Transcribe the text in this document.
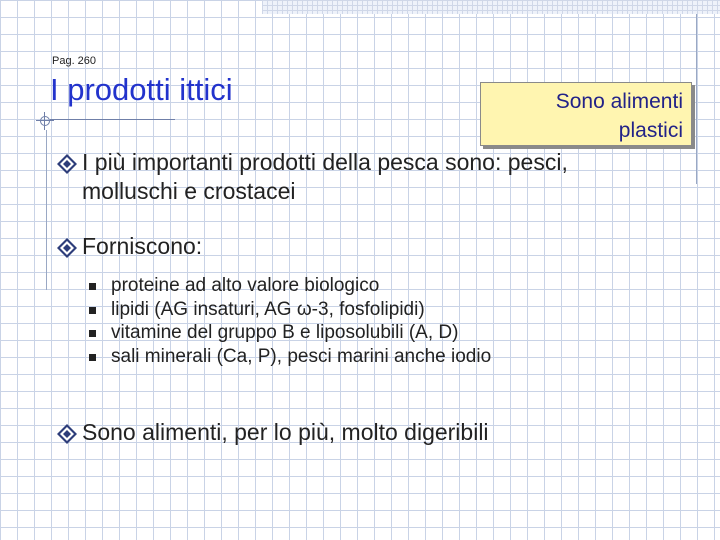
Pag. 260
I prodotti ittici	Sono alimenti plastici
I più importanti prodotti della pesca sono: pesci, molluschi e crostacei
Forniscono:
proteine ad alto valore biologico
lipidi (AG insaturi, AG ω-3, fosfolipidi)
vitamine del gruppo B e liposolubili (A, D)
sali minerali (Ca, P), pesci marini anche iodio
Sono alimenti, per lo più, molto digeribili
